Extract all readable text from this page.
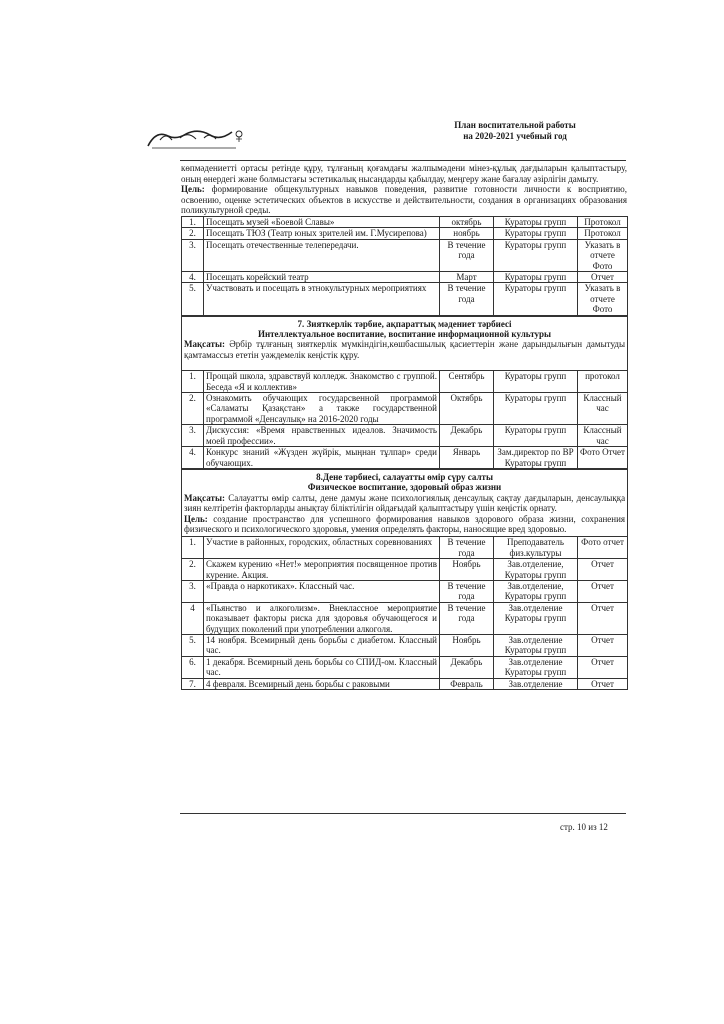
План воспитательной работы
на 2020-2021 учебный год

көпмәдениетті ортасы ретінде құру, тұлғаның қоғамдағы жалпымәдени мінез-құлық дағдыларын қалыптастыру, оның өнердегі және болмыстағы эстетикалық нысандарды қабылдау, меңгеру және бағалау әзірлігін дамыту.

Цель: формирование общекультурных навыков поведения, развитие готовности личности к восприятию, освоению, оценке эстетических объектов в искусстве и действительности, создания в организациях образования поликультурной среды.

1.	Посещать музей «Боевой Славы»	октябрь	Кураторы групп	Протокол
2.	Посещать ТЮЗ (Театр юных зрителей им. Г.Мусирепова)	ноябрь	Кураторы групп	Протокол
3.	Посещать отечественные телепередачи.	В течение года	Кураторы групп	Указать в отчете Фото
4.	Посещать корейский театр	Март	Кураторы групп	Отчет
5.	Участвовать и посещать в этнокультурных мероприятиях	В течение года	Кураторы групп	Указать в отчете Фото
7. Зияткерлік тәрбие, ақпараттық мәдениет тәрбиесі
Интеллектуальное воспитание, воспитание информационной культуры

Мақсаты: Әрбір тұлғаның зияткерлік мүмкіндігін,көшбасшылық қасиеттерін және дарындылығын дамытуды қамтамассыз ететін уәждемелік кеңістік құру.				

1.	Прощай школа, здравствуй колледж. Знакомство с группой. Беседа «Я и коллектив»	Сентябрь	Кураторы групп	протокол
2.	Ознакомить обучающих государсвенной программой «Саламаты Қазақстан» а также государственной программой «Денсаулық» на 2016-2020 годы	Октябрь	Кураторы групп	Классный час
3.	Дискуссия: «Время нравственных идеалов. Значимость моей профессии».	Декабрь	Кураторы групп	Классный час
4.	Конкурс знаний «Жүзден жүйрік, мыңнан тұлпар» среди обучающих.	Январь	Зам.директор по ВР Кураторы групп	Фото Отчет
8.Дене тәрбиесі, салауатты өмір сүру салты
Физическое воспитание, здоровый образ жизни

Мақсаты: Салауатты өмір салты, дене дамуы және психологиялық денсаулық сақтау дағдыларын, денсаулыққа зиян келтіретін факторларды анықтау біліктілігін ойдағыдай қалыптастыру үшін кеңістік орнату.

Цель: создание пространство для успешного формирования навыков здорового образа жизни, сохранения физического и психологического здоровья, умения определять факторы, наносящие вред здоровью.				

1.	Участие в районных, городских, областных соревнованиях	В течение года	Преподаватель физ.культуры	Фото отчет
2.	Скажем курению «Нет!» мероприятия посвященное против курение. Акция.	Ноябрь	Зав.отделение, Кураторы групп	Отчет
3.	«Правда о наркотиках». Классный час.	В течение года	Зав.отделение, Кураторы групп	Отчет
4	«Пьянство и алкоголизм». Внеклассное мероприятие показывает факторы риска для здоровья обучающегося и будущих поколений при употреблении алкоголя.	В течение года	Зав.отделение Кураторы групп	Отчет
5.	14 ноября. Всемирный день борьбы с диабетом. Классный час.	Ноябрь	Зав.отделение Кураторы групп	Отчет
6.	1 декабря. Всемирный день борьбы со СПИД-ом. Классный час.	Декабрь	Зав.отделение Кураторы групп	Отчет
7.	4 февраля. Всемирный день борьбы с раковыми	Февраль	Зав.отделение	Отчет
стр. 10 из 12
